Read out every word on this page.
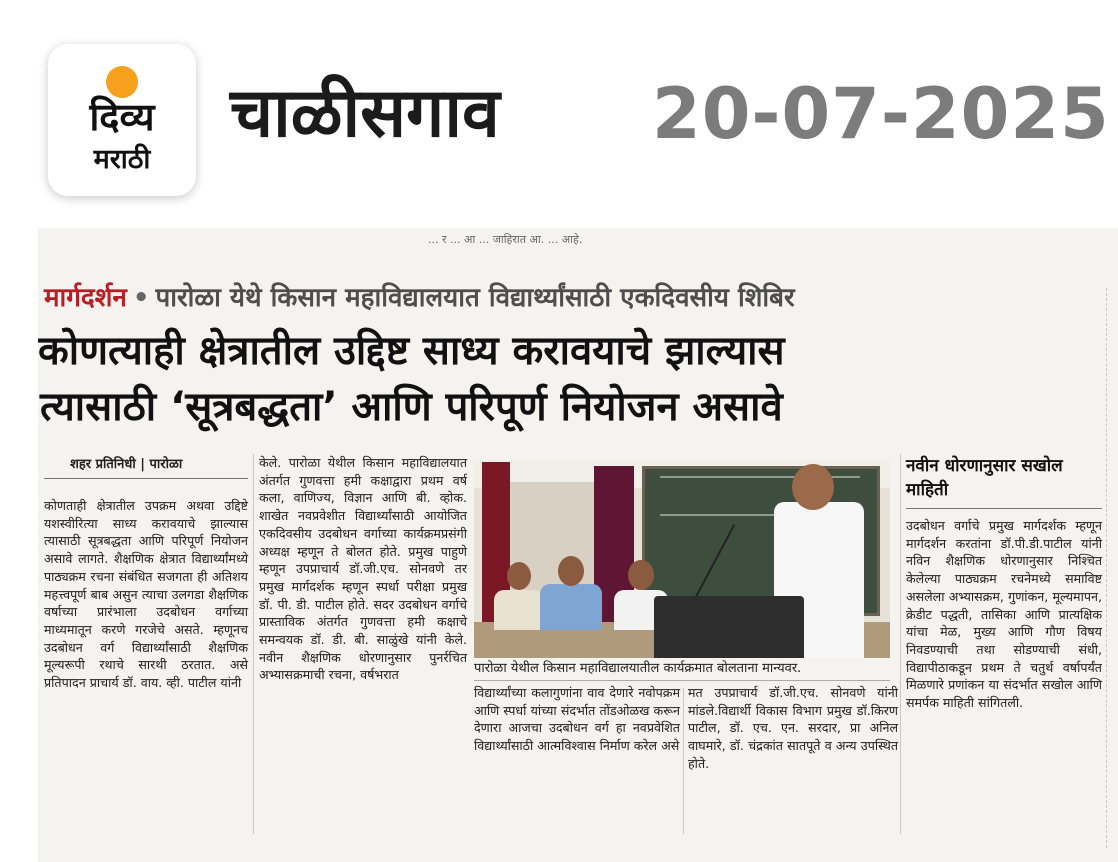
दिव्य
मराठी
चाळीसगाव 20-07-2025
... र ... आ ... जाहिरात आ. ... आहे.
मार्गदर्शन • पारोळा येथे किसान महाविद्यालयात विद्यार्थ्यांसाठी एकदिवसीय शिबिर
कोणत्याही क्षेत्रातील उद्दिष्ट साध्य करावयाचे झाल्यास
त्यासाठी ‘सूत्रबद्धता’ आणि परिपूर्ण नियोजन असावे
शहर प्रतिनिधी | पारोळा
कोणताही क्षेत्रातील उपक्रम अथवा उद्दिष्टे यशस्वीरित्या साध्य करावयाचे झाल्यास त्यासाठी सूत्रबद्धता आणि परिपूर्ण नियोजन असावे लागते. शैक्षणिक क्षेत्रात विद्यार्थ्यांमध्ये पाठ्यक्रम रचना संबंधित सजगता ही अतिशय महत्त्वपूर्ण बाब असुन त्याचा उलगडा शैक्षणिक वर्षाच्या प्रारंभाला उदबोधन वर्गाच्या माध्यमातून करणे गरजेचे असते. म्हणूनच उदबोधन वर्ग विद्यार्थ्यांसाठी शैक्षणिक मूल्यरूपी रथाचे सारथी ठरतात. असे प्रतिपादन प्राचार्य डॉ. वाय. व्ही. पाटील यांनी
केले. पारोळा येथील किसान महाविद्यालयात अंतर्गत गुणवत्ता हमी कक्षाद्वारा प्रथम वर्ष कला, वाणिज्य, विज्ञान आणि बी. व्होक. शाखेत नवप्रवेशीत विद्यार्थ्यांसाठी आयोजित एकदिवसीय उदबोधन वर्गाच्या कार्यक्रमप्रसंगी अध्यक्ष म्हणून ते बोलत होते. प्रमुख पाहुणे म्हणून उपप्राचार्य डॉ.जी.एच. सोनवणे तर प्रमुख मार्गदर्शक म्हणून स्पर्धा परीक्षा प्रमुख डॉ. पी. डी. पाटील होते. सदर उदबोधन वर्गाचे प्रास्ताविक अंतर्गत गुणवत्ता हमी कक्षाचे समन्वयक डॉ. डी. बी. साळुंखे यांनी केले. नवीन शैक्षणिक धोरणानुसार पुनर्रचित अभ्यासक्रमाची रचना, वर्षभरात	पारोळा येथील किसान महाविद्यालयातील कार्यक्रमात बोलताना मान्यवर.
विद्यार्थ्यांच्या कलागुणांना वाव देणारे नवोपक्रम आणि स्पर्धा यांच्या संदर्भात तोंडओळख करून देणारा आजचा उदबोधन वर्ग हा नवप्रवेशित विद्यार्थ्यांसाठी आत्मविश्वास निर्माण करेल असे
मत उपप्राचार्य डॉ.जी.एच. सोनवणे यांनी मांडले.विद्यार्थी विकास विभाग प्रमुख डॉ.किरण पाटील, डॉ. एच. एन. सरदार, प्रा अनिल वाघमारे, डॉ. चंद्रकांत सातपूते व अन्य उपस्थित होते.
नवीन धोरणानुसार सखोल माहिती
उदबोधन वर्गाचे प्रमुख मार्गदर्शक म्हणून मार्गदर्शन करतांना डॉ.पी.डी.पाटील यांनी नविन शैक्षणिक धोरणानुसार निश्चित केलेल्या पाठ्यक्रम रचनेमध्ये समाविष्ट असलेला अभ्यासक्रम, गुणांकन, मूल्यमापन, क्रेडीट पद्धती, तासिका आणि प्रात्यक्षिक यांचा मेळ, मुख्य आणि गौण विषय निवडण्याची तथा सोडण्याची संधी, विद्यापीठाकडून प्रथम ते चतुर्थ वर्षापर्यंत मिळणारे प्रणांकन या संदर्भात सखोल आणि समर्पक माहिती सांगितली.
